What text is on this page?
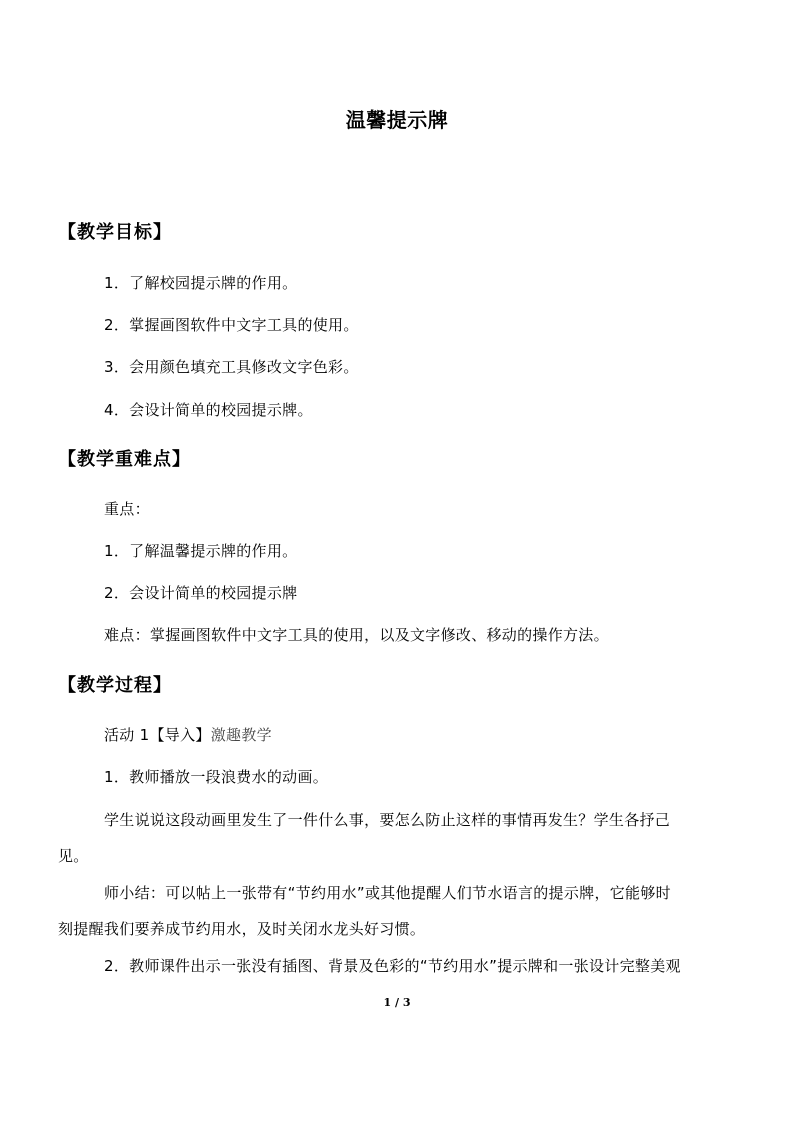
温馨提示牌
【教学目标】
1．了解校园提示牌的作用。
2．掌握画图软件中文字工具的使用。
3．会用颜色填充工具修改文字色彩。
4．会设计简单的校园提示牌。
【教学重难点】
重点：
1．了解温馨提示牌的作用。
2．会设计简单的校园提示牌
难点：掌握画图软件中文字工具的使用，以及文字修改、移动的操作方法。
【教学过程】
活动 1【导入】激趣教学
1．教师播放一段浪费水的动画。
学生说说这段动画里发生了一件什么事，要怎么防止这样的事情再发生？学生各抒己
见。
师小结：可以帖上一张带有“节约用水”或其他提醒人们节水语言的提示牌，它能够时
刻提醒我们要养成节约用水，及时关闭水龙头好习惯。
2．教师课件出示一张没有插图、背景及色彩的“节约用水”提示牌和一张设计完整美观
1 / 3
